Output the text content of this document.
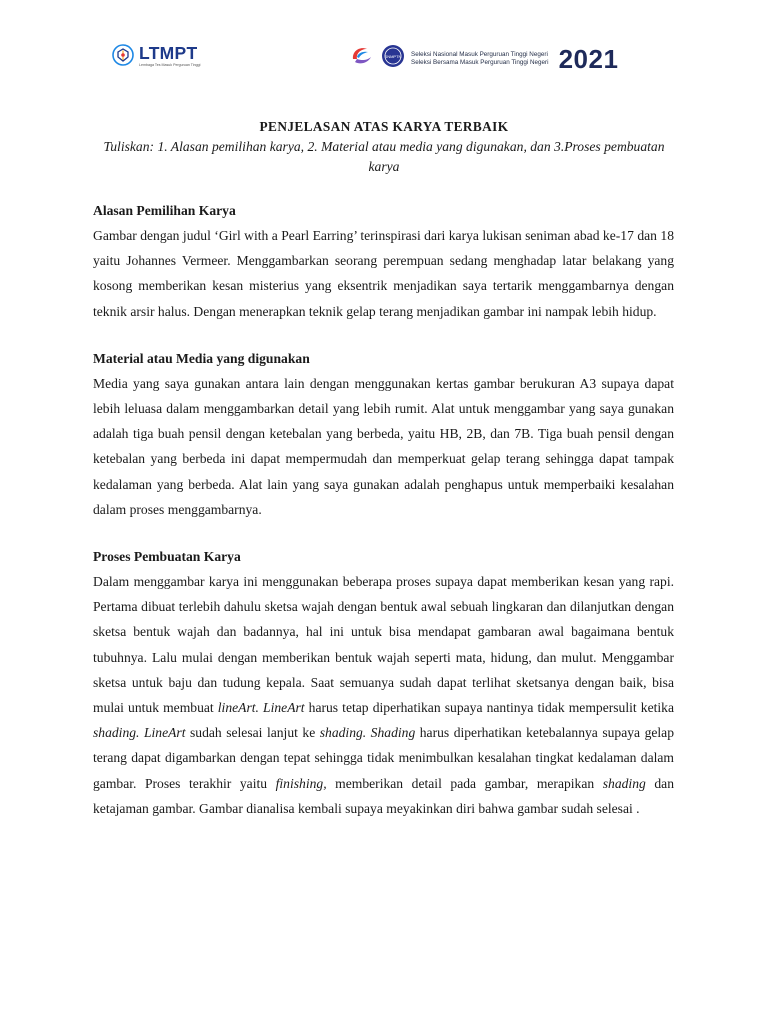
LTMPT
Lembaga Tes Masuk Perguruan Tinggi
SNMPTN Seleksi Nasional Masuk Perguruan Tinggi Negeri
Seleksi Bersama Masuk Perguruan Tinggi Negeri 2021
PENJELASAN ATAS KARYA TERBAIK
Tuliskan: 1. Alasan pemilihan karya, 2. Material atau media yang digunakan, dan 3.Proses pembuatan karya
Alasan Pemilihan Karya

Gambar dengan judul ‘Girl with a Pearl Earring’ terinspirasi dari karya lukisan seniman abad ke-17 dan 18 yaitu Johannes Vermeer. Menggambarkan seorang perempuan sedang menghadap latar belakang yang kosong memberikan kesan misterius yang eksentrik menjadikan saya tertarik menggambarnya dengan teknik arsir halus. Dengan menerapkan teknik gelap terang menjadikan gambar ini nampak lebih hidup.

Material atau Media yang digunakan

Media yang saya gunakan antara lain dengan menggunakan kertas gambar berukuran A3 supaya dapat lebih leluasa dalam menggambarkan detail yang lebih rumit. Alat untuk menggambar yang saya gunakan adalah tiga buah pensil dengan ketebalan yang berbeda, yaitu HB, 2B, dan 7B. Tiga buah pensil dengan ketebalan yang berbeda ini dapat mempermudah dan memperkuat gelap terang sehingga dapat tampak kedalaman yang berbeda. Alat lain yang saya gunakan adalah penghapus untuk memperbaiki kesalahan dalam proses menggambarnya.

Proses Pembuatan Karya

Dalam menggambar karya ini menggunakan beberapa proses supaya dapat memberikan kesan yang rapi. Pertama dibuat terlebih dahulu sketsa wajah dengan bentuk awal sebuah lingkaran dan dilanjutkan dengan sketsa bentuk wajah dan badannya, hal ini untuk bisa mendapat gambaran awal bagaimana bentuk tubuhnya. Lalu mulai dengan memberikan bentuk wajah seperti mata, hidung, dan mulut. Menggambar sketsa untuk baju dan tudung kepala. Saat semuanya sudah dapat terlihat sketsanya dengan baik, bisa mulai untuk membuat lineArt. LineArt harus tetap diperhatikan supaya nantinya tidak mempersulit ketika shading. LineArt sudah selesai lanjut ke shading. Shading harus diperhatikan ketebalannya supaya gelap terang dapat digambarkan dengan tepat sehingga tidak menimbulkan kesalahan tingkat kedalaman dalam gambar. Proses terakhir yaitu finishing, memberikan detail pada gambar, merapikan shading dan ketajaman gambar. Gambar dianalisa kembali supaya meyakinkan diri bahwa gambar sudah selesai .
